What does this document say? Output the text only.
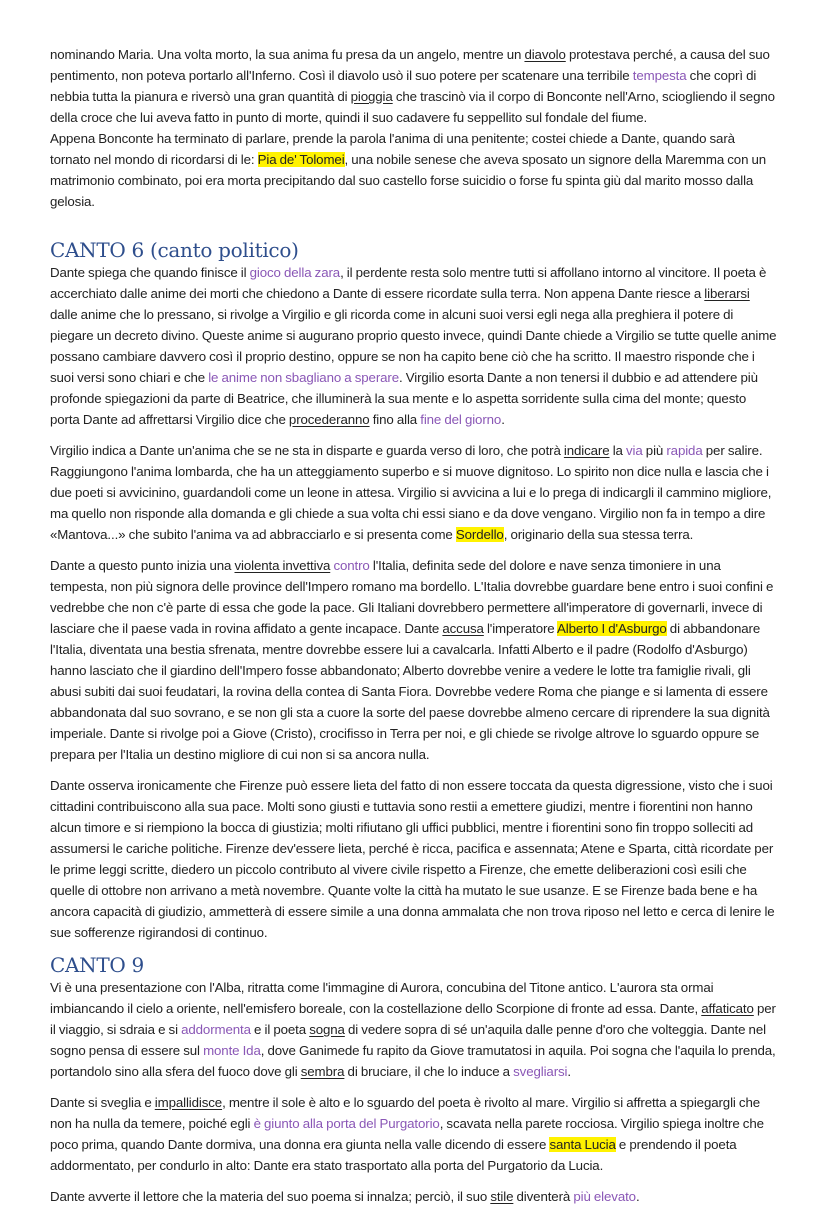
nominando Maria. Una volta morto, la sua anima fu presa da un angelo, mentre un diavolo protestava perché, a causa del suo pentimento, non poteva portarlo all'Inferno. Così il diavolo usò il suo potere per scatenare una terribile tempesta che coprì di nebbia tutta la pianura e riversò una gran quantità di pioggia che trascinò via il corpo di Bonconte nell'Arno, sciogliendo il segno della croce che lui aveva fatto in punto di morte, quindi il suo cadavere fu seppellito sul fondale del fiume.

Appena Bonconte ha terminato di parlare, prende la parola l'anima di una penitente; costei chiede a Dante, quando sarà tornato nel mondo di ricordarsi di le: Pia de' Tolomei, una nobile senese che aveva sposato un signore della Maremma con un matrimonio combinato, poi era morta precipitando dal suo castello forse suicidio o forse fu spinta giù dal marito mosso dalla gelosia.

CANTO 6 (canto politico)

Dante spiega che quando finisce il gioco della zara, il perdente resta solo mentre tutti si affollano intorno al vincitore. Il poeta è accerchiato dalle anime dei morti che chiedono a Dante di essere ricordate sulla terra. Non appena Dante riesce a liberarsi dalle anime che lo pressano, si rivolge a Virgilio e gli ricorda come in alcuni suoi versi egli nega alla preghiera il potere di piegare un decreto divino. Queste anime si augurano proprio questo invece, quindi Dante chiede a Virgilio se tutte quelle anime possano cambiare davvero così il proprio destino, oppure se non ha capito bene ciò che ha scritto. Il maestro risponde che i suoi versi sono chiari e che le anime non sbagliano a sperare. Virgilio esorta Dante a non tenersi il dubbio e ad attendere più profonde spiegazioni da parte di Beatrice, che illuminerà la sua mente e lo aspetta sorridente sulla cima del monte; questo porta Dante ad affrettarsi Virgilio dice che procederanno fino alla fine del giorno.

Virgilio indica a Dante un'anima che se ne sta in disparte e guarda verso di loro, che potrà indicare la via più rapida per salire. Raggiungono l'anima lombarda, che ha un atteggiamento superbo e si muove dignitoso. Lo spirito non dice nulla e lascia che i due poeti si avvicinino, guardandoli come un leone in attesa. Virgilio si avvicina a lui e lo prega di indicargli il cammino migliore, ma quello non risponde alla domanda e gli chiede a sua volta chi essi siano e da dove vengano. Virgilio non fa in tempo a dire «Mantova...» che subito l'anima va ad abbracciarlo e si presenta come Sordello, originario della sua stessa terra.

Dante a questo punto inizia una violenta invettiva contro l'Italia, definita sede del dolore e nave senza timoniere in una tempesta, non più signora delle province dell'Impero romano ma bordello. L'Italia dovrebbe guardare bene entro i suoi confini e vedrebbe che non c'è parte di essa che gode la pace. Gli Italiani dovrebbero permettere all'imperatore di governarli, invece di lasciare che il paese vada in rovina affidato a gente incapace. Dante accusa l'imperatore Alberto I d'Asburgo di abbandonare l'Italia, diventata una bestia sfrenata, mentre dovrebbe essere lui a cavalcarla. Infatti Alberto e il padre (Rodolfo d'Asburgo) hanno lasciato che il giardino dell'Impero fosse abbandonato; Alberto dovrebbe venire a vedere le lotte tra famiglie rivali, gli abusi subiti dai suoi feudatari, la rovina della contea di Santa Fiora. Dovrebbe vedere Roma che piange e si lamenta di essere abbandonata dal suo sovrano, e se non gli sta a cuore la sorte del paese dovrebbe almeno cercare di riprendere la sua dignità imperiale. Dante si rivolge poi a Giove (Cristo), crocifisso in Terra per noi, e gli chiede se rivolge altrove lo sguardo oppure se prepara per l'Italia un destino migliore di cui non si sa ancora nulla.

Dante osserva ironicamente che Firenze può essere lieta del fatto di non essere toccata da questa digressione, visto che i suoi cittadini contribuiscono alla sua pace. Molti sono giusti e tuttavia sono restii a emettere giudizi, mentre i fiorentini non hanno alcun timore e si riempiono la bocca di giustizia; molti rifiutano gli uffici pubblici, mentre i fiorentini sono fin troppo solleciti ad assumersi le cariche politiche. Firenze dev'essere lieta, perché è ricca, pacifica e assennata; Atene e Sparta, città ricordate per le prime leggi scritte, diedero un piccolo contributo al vivere civile rispetto a Firenze, che emette deliberazioni così esili che quelle di ottobre non arrivano a metà novembre. Quante volte la città ha mutato le sue usanze. E se Firenze bada bene e ha ancora capacità di giudizio, ammetterà di essere simile a una donna ammalata che non trova riposo nel letto e cerca di lenire le sue sofferenze rigirandosi di continuo.

CANTO 9

Vi è una presentazione con l'Alba, ritratta come l'immagine di Aurora, concubina del Titone antico. L'aurora sta ormai imbiancando il cielo a oriente, nell'emisfero boreale, con la costellazione dello Scorpione di fronte ad essa. Dante, affaticato per il viaggio, si sdraia e si addormenta e il poeta sogna di vedere sopra di sé un'aquila dalle penne d'oro che volteggia. Dante nel sogno pensa di essere sul monte Ida, dove Ganimede fu rapito da Giove tramutatosi in aquila. Poi sogna che l'aquila lo prenda, portandolo sino alla sfera del fuoco dove gli sembra di bruciare, il che lo induce a svegliarsi.

Dante si sveglia e impallidisce, mentre il sole è alto e lo sguardo del poeta è rivolto al mare. Virgilio si affretta a spiegargli che non ha nulla da temere, poiché egli è giunto alla porta del Purgatorio, scavata nella parete rocciosa. Virgilio spiega inoltre che poco prima, quando Dante dormiva, una donna era giunta nella valle dicendo di essere santa Lucia e prendendo il poeta addormentato, per condurlo in alto: Dante era stato trasportato alla porta del Purgatorio da Lucia.

Dante avverte il lettore che la materia del suo poema si innalza; perciò, il suo stile diventerà più elevato.
